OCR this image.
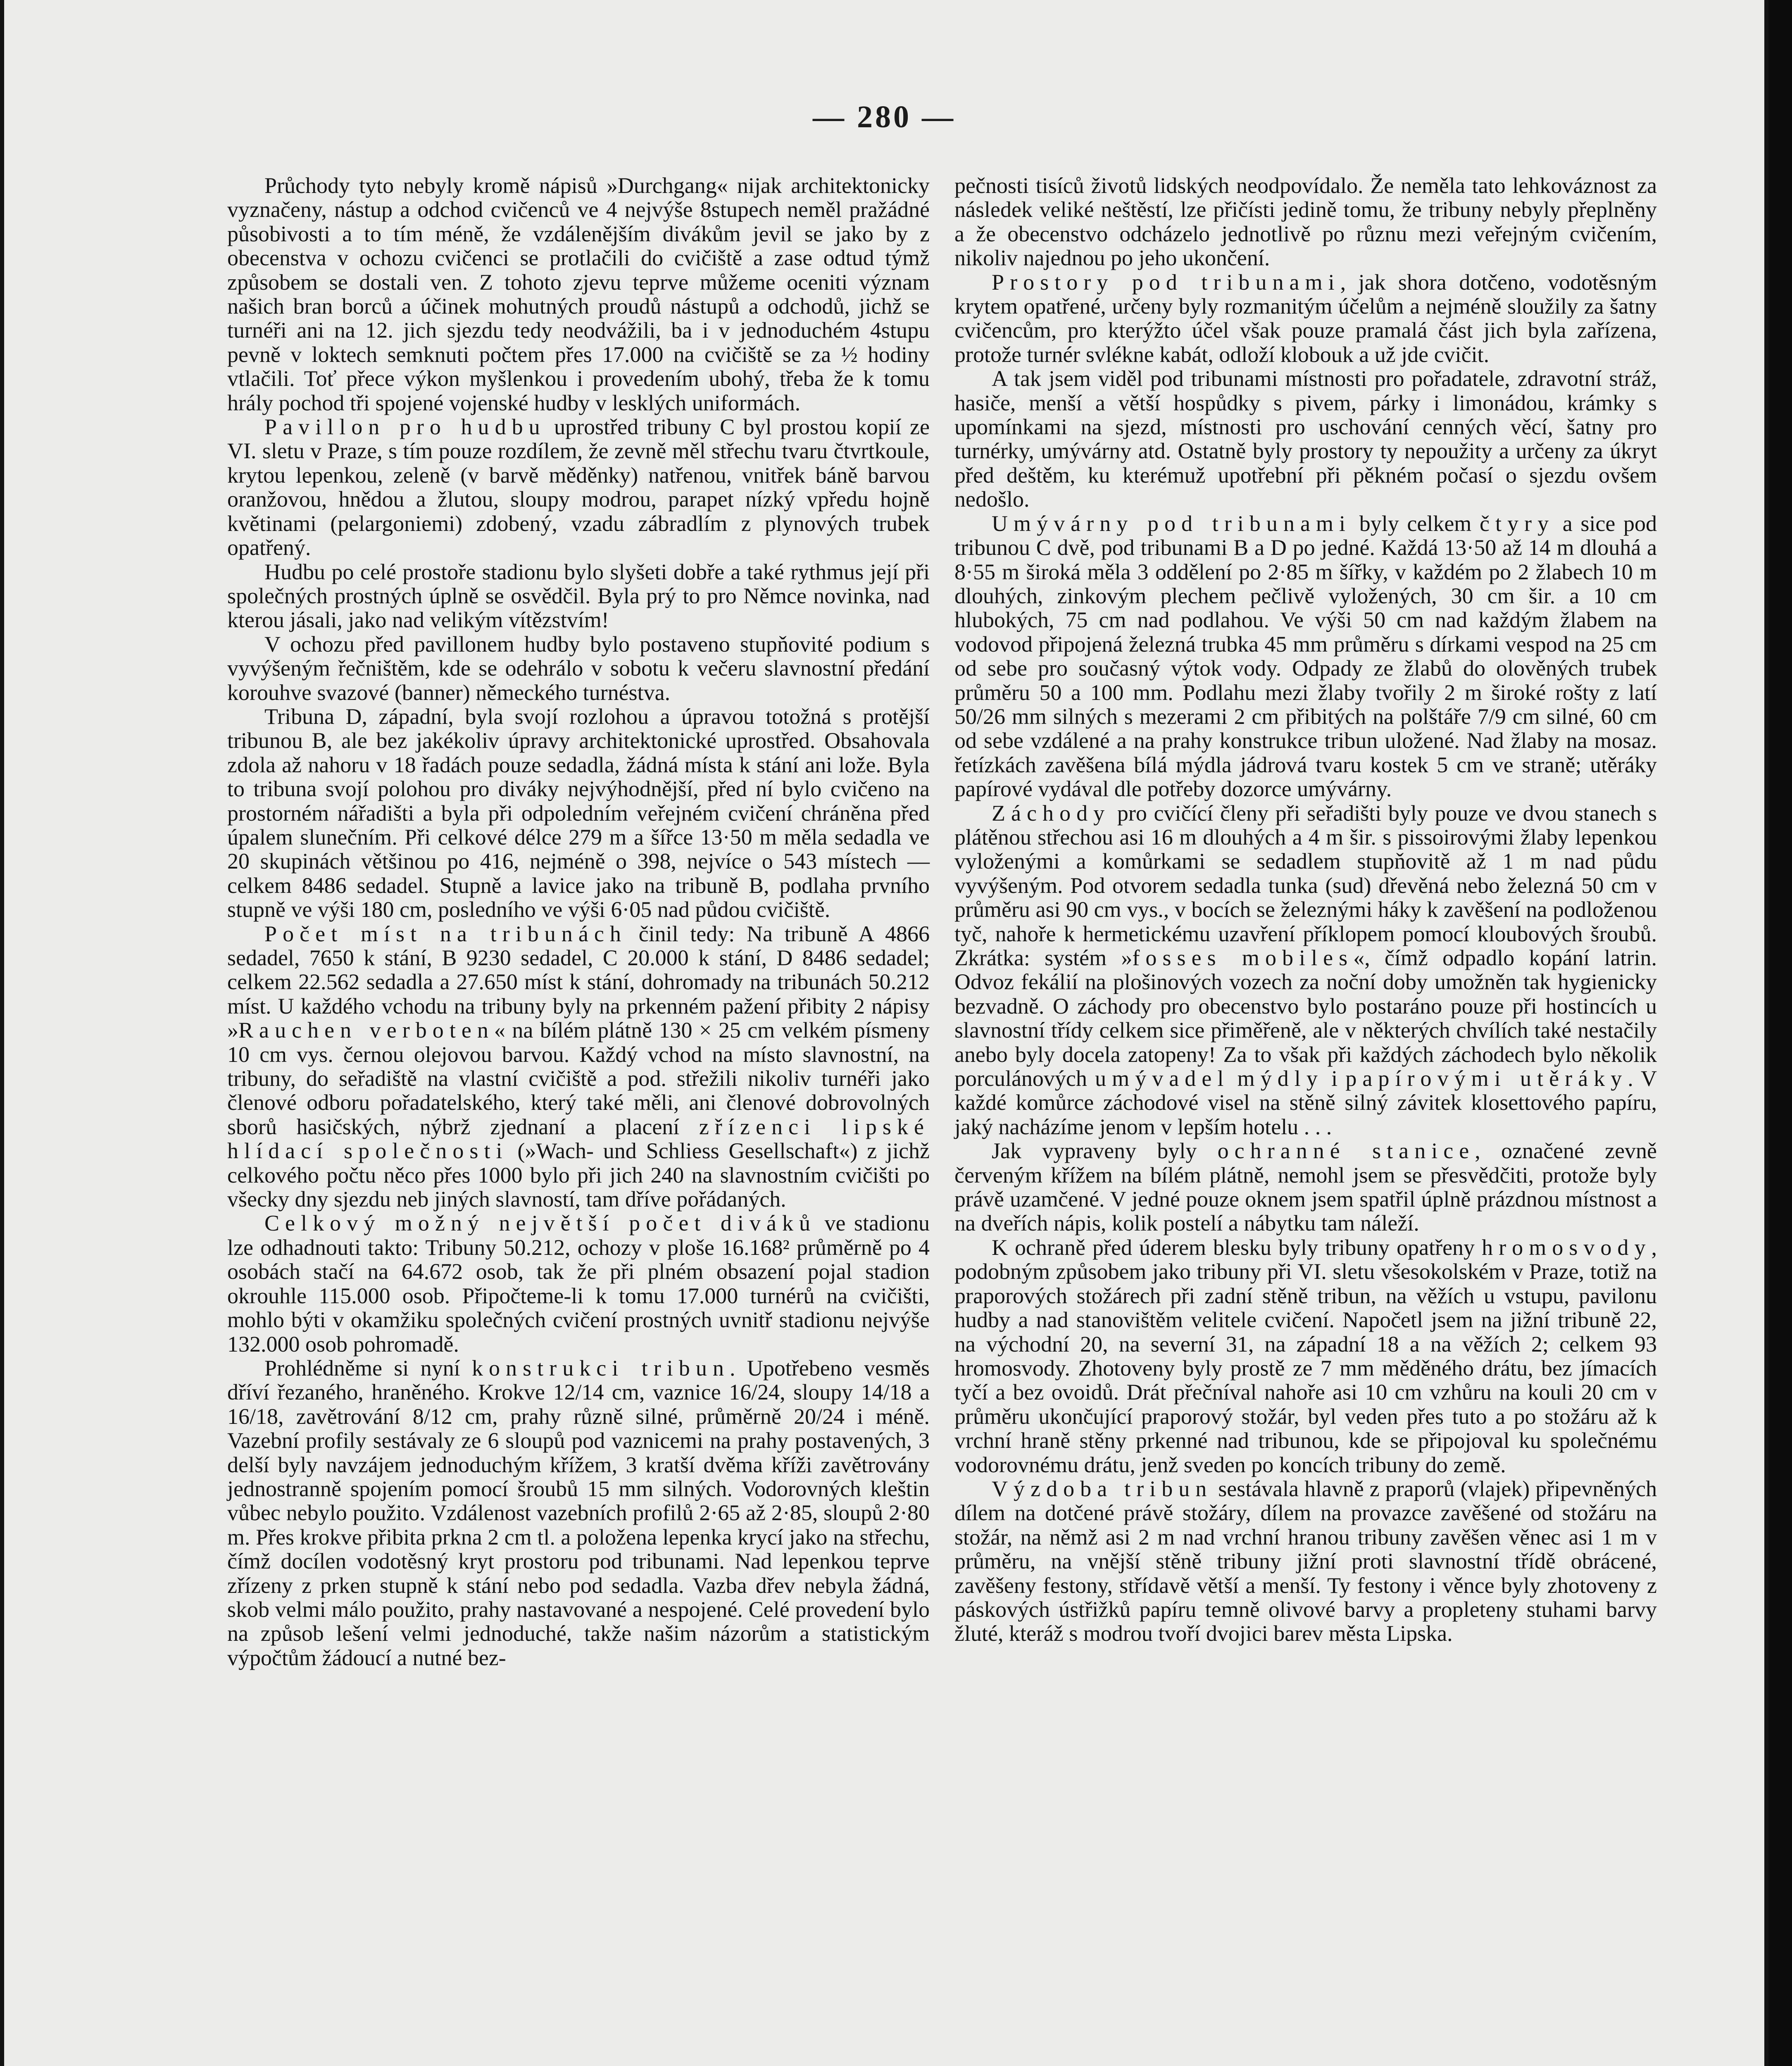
— 280 —

Průchody tyto nebyly kromě nápisů »Durchgang« nijak architektonicky vyznačeny, nástup a odchod cvičenců ve 4 nejvýše 8stupech neměl pražádné působivosti a to tím méně, že vzdálenějším divákům jevil se jako by z obecenstva v ochozu cvičenci se protlačili do cvičiště a zase odtud týmž způsobem se dostali ven. Z tohoto zjevu teprve můžeme oceniti význam našich bran borců a účinek mohutných proudů nástupů a odchodů, jichž se turnéři ani na 12. jich sjezdu tedy neodvážili, ba i v jednoduchém 4stupu pevně v loktech semknuti počtem přes 17.000 na cvičiště se za ½ hodiny vtlačili. Toť přece výkon myšlenkou i provedením ubohý, třeba že k tomu hrály pochod tři spojené vojenské hudby v lesklých uniformách.

Pavillon pro hudbu uprostřed tribuny C byl prostou kopií ze VI. sletu v Praze, s tím pouze rozdílem, že zevně měl střechu tvaru čtvrtkoule, krytou lepenkou, zeleně (v barvě měděnky) natřenou, vnitřek báně barvou oranžovou, hnědou a žlutou, sloupy modrou, parapet nízký vpředu hojně květinami (pelargoniemi) zdobený, vzadu zábradlím z plynových trubek opatřený.

Hudbu po celé prostoře stadionu bylo slyšeti dobře a také rythmus její při společných prostných úplně se osvědčil. Byla prý to pro Němce novinka, nad kterou jásali, jako nad velikým vítězstvím!

V ochozu před pavillonem hudby bylo postaveno stupňovité podium s vyvýšeným řečništěm, kde se odehrálo v sobotu k večeru slavnostní předání korouhve svazové (banner) německého turnéstva.

Tribuna D, západní, byla svojí rozlohou a úpravou totožná s protější tribunou B, ale bez jakékoliv úpravy architektonické uprostřed. Obsahovala zdola až nahoru v 18 řadách pouze sedadla, žádná místa k stání ani lože. Byla to tribuna svojí polohou pro diváky nejvýhodnější, před ní bylo cvičeno na prostorném nářadišti a byla při odpoledním veřejném cvičení chráněna před úpalem slunečním. Při celkové délce 279 m a šířce 13·50 m měla sedadla ve 20 skupinách většinou po 416, nejméně o 398, nejvíce o 543 místech — celkem 8486 sedadel. Stupně a lavice jako na tribuně B, podlaha prvního stupně ve výši 180 cm, posledního ve výši 6·05 nad půdou cvičiště.

Počet míst na tribunách činil tedy: Na tribuně A 4866 sedadel, 7650 k stání, B 9230 sedadel, C 20.000 k stání, D 8486 sedadel; celkem 22.562 sedadla a 27.650 míst k stání, dohromady na tribunách 50.212 míst. U každého vchodu na tribuny byly na prkenném pažení přibity 2 nápisy »Rauchen verboten« na bílém plátně 130 × 25 cm velkém písmeny 10 cm vys. černou olejovou barvou. Každý vchod na místo slavnostní, na tribuny, do seřadiště na vlastní cvičiště a pod. střežili nikoliv turnéři jako členové odboru pořadatelského, který také měli, ani členové dobrovolných sborů hasičských, nýbrž zjednaní a placení zřízenci lipské hlídací společnosti (»Wach- und Schliess Gesellschaft«) z jichž celkového počtu něco přes 1000 bylo při jich 240 na slavnostním cvičišti po všecky dny sjezdu neb jiných slavností, tam dříve pořádaných.

Celkový možný největší počet diváků ve stadionu lze odhadnouti takto: Tribuny 50.212, ochozy v ploše 16.168² průměrně po 4 osobách stačí na 64.672 osob, tak že při plném obsazení pojal stadion okrouhle 115.000 osob. Připočteme-li k tomu 17.000 turnérů na cvičišti, mohlo býti v okamžiku společných cvičení prostných uvnitř stadionu nejvýše 132.000 osob pohromadě.

Prohlédněme si nyní konstrukci tribun. Upotřebeno vesměs dříví řezaného, hraněného. Krokve 12/14 cm, vaznice 16/24, sloupy 14/18 a 16/18, zavětrování 8/12 cm, prahy různě silné, průměrně 20/24 i méně. Vazební profily sestávaly ze 6 sloupů pod vaznicemi na prahy postavených, 3 delší byly navzájem jednoduchým křížem, 3 kratší dvěma kříži zavětrovány jednostranně spojením pomocí šroubů 15 mm silných. Vodorovných kleštin vůbec nebylo použito. Vzdálenost vazebních profilů 2·65 až 2·85, sloupů 2·80 m. Přes krokve přibita prkna 2 cm tl. a položena lepenka krycí jako na střechu, čímž docílen vodotěsný kryt prostoru pod tribunami. Nad lepenkou teprve zřízeny z prken stupně k stání nebo pod sedadla. Vazba dřev nebyla žádná, skob velmi málo použito, prahy nastavované a nespojené. Celé provedení bylo na způsob lešení velmi jednoduché, takže našim názorům a statistickým výpočtům žádoucí a nutné bez-

pečnosti tisíců životů lidských neodpovídalo. Že neměla tato lehkováznost za následek veliké neštěstí, lze přičísti jedině tomu, že tribuny nebyly přeplněny a že obecenstvo odcházelo jednotlivě po různu mezi veřejným cvičením, nikoliv najednou po jeho ukončení.

Prostory pod tribunami, jak shora dotčeno, vodotěsným krytem opatřené, určeny byly rozmanitým účelům a nejméně sloužily za šatny cvičencům, pro kterýžto účel však pouze pramalá část jich byla zařízena, protože turnér svlékne kabát, odloží klobouk a už jde cvičit.

A tak jsem viděl pod tribunami místnosti pro pořadatele, zdravotní stráž, hasiče, menší a větší hospůdky s pivem, párky i limonádou, krámky s upomínkami na sjezd, místnosti pro uschování cenných věcí, šatny pro turnérky, umývárny atd. Ostatně byly prostory ty nepoužity a určeny za úkryt před deštěm, ku kterémuž upotřební při pěkném počasí o sjezdu ovšem nedošlo.

Umývárny pod tribunami byly celkem čtyry a sice pod tribunou C dvě, pod tribunami B a D po jedné. Každá 13·50 až 14 m dlouhá a 8·55 m široká měla 3 oddělení po 2·85 m šířky, v každém po 2 žlabech 10 m dlouhých, zinkovým plechem pečlivě vyložených, 30 cm šir. a 10 cm hlubokých, 75 cm nad podlahou. Ve výši 50 cm nad každým žlabem na vodovod připojená železná trubka 45 mm průměru s dírkami vespod na 25 cm od sebe pro současný výtok vody. Odpady ze žlabů do olověných trubek průměru 50 a 100 mm. Podlahu mezi žlaby tvořily 2 m široké rošty z latí 50/26 mm silných s mezerami 2 cm přibitých na polštáře 7/9 cm silné, 60 cm od sebe vzdálené a na prahy konstrukce tribun uložené. Nad žlaby na mosaz. řetízkách zavěšena bílá mýdla jádrová tvaru kostek 5 cm ve straně; utěráky papírové vydával dle potřeby dozorce umývárny.

Záchody pro cvičící členy při seřadišti byly pouze ve dvou stanech s plátěnou střechou asi 16 m dlouhých a 4 m šir. s pissoirovými žlaby lepenkou vyloženými a komůrkami se sedadlem stupňovitě až 1 m nad půdu vyvýšeným. Pod otvorem sedadla tunka (sud) dřevěná nebo železná 50 cm v průměru asi 90 cm vys., v bocích se železnými háky k zavěšení na podloženou tyč, nahoře k hermetickému uzavření příklopem pomocí kloubových šroubů. Zkrátka: systém »fosses mobiles«, čímž odpadlo kopání latrin. Odvoz fekálií na plošinových vozech za noční doby umožněn tak hygienicky bezvadně. O záchody pro obecenstvo bylo postaráno pouze při hostincích u slavnostní třídy celkem sice přiměřeně, ale v některých chvílích také nestačily anebo byly docela zatopeny! Za to však při každých záchodech bylo několik porculánových umývadel mýdly i papírovými utěráky. V každé komůrce záchodové visel na stěně silný závitek klosettového papíru, jaký nacházíme jenom v lepším hotelu . . .

Jak vypraveny byly ochranné stanice, označené zevně červeným křížem na bílém plátně, nemohl jsem se přesvědčiti, protože byly právě uzamčené. V jedné pouze oknem jsem spatřil úplně prázdnou místnost a na dveřích nápis, kolik postelí a nábytku tam náleží.

K ochraně před úderem blesku byly tribuny opatřeny hromosvody, podobným způsobem jako tribuny při VI. sletu všesokolském v Praze, totiž na praporových stožárech při zadní stěně tribun, na věžích u vstupu, pavilonu hudby a nad stanovištěm velitele cvičení. Napočetl jsem na jižní tribuně 22, na východní 20, na severní 31, na západní 18 a na věžích 2; celkem 93 hromosvody. Zhotoveny byly prostě ze 7 mm měděného drátu, bez jímacích tyčí a bez ovoidů. Drát přečníval nahoře asi 10 cm vzhůru na kouli 20 cm v průměru ukončující praporový stožár, byl veden přes tuto a po stožáru až k vrchní hraně stěny prkenné nad tribunou, kde se připojoval ku společnému vodorovnému drátu, jenž sveden po koncích tribuny do země.

Výzdoba tribun sestávala hlavně z praporů (vlajek) připevněných dílem na dotčené právě stožáry, dílem na provazce zavěšené od stožáru na stožár, na němž asi 2 m nad vrchní hranou tribuny zavěšen věnec asi 1 m v průměru, na vnější stěně tribuny jižní proti slavnostní třídě obrácené, zavěšeny festony, střídavě větší a menší. Ty festony i věnce byly zhotoveny z páskových ústřižků papíru temně olivové barvy a propleteny stuhami barvy žluté, kteráž s modrou tvoří dvojici barev města Lipska.
